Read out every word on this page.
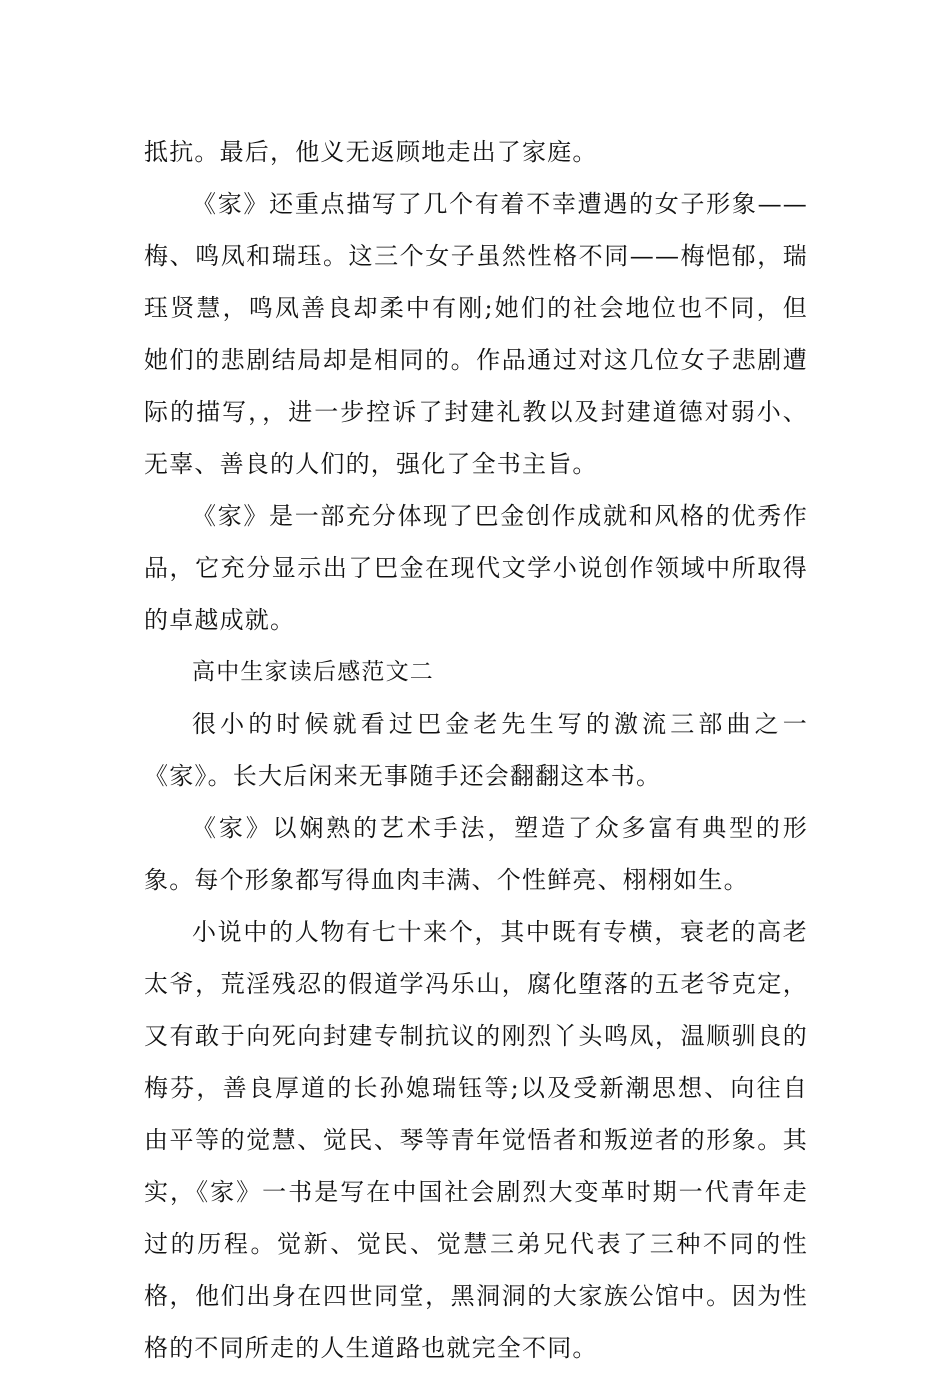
抵抗。最后，他义无返顾地走出了家庭。

《家》还重点描写了几个有着不幸遭遇的女子形象——梅、鸣凤和瑞珏。这三个女子虽然性格不同——梅悒郁，瑞珏贤慧，鸣凤善良却柔中有刚;她们的社会地位也不同，但她们的悲剧结局却是相同的。作品通过对这几位女子悲剧遭际的描写，，进一步控诉了封建礼教以及封建道德对弱小、无辜、善良的人们的，强化了全书主旨。

《家》是一部充分体现了巴金创作成就和风格的优秀作品，它充分显示出了巴金在现代文学小说创作领域中所取得的卓越成就。

高中生家读后感范文二

很小的时候就看过巴金老先生写的激流三部曲之一《家》。长大后闲来无事随手还会翻翻这本书。

《家》以娴熟的艺术手法，塑造了众多富有典型的形象。每个形象都写得血肉丰满、个性鲜亮、栩栩如生。

小说中的人物有七十来个，其中既有专横，衰老的高老太爷，荒淫残忍的假道学冯乐山，腐化堕落的五老爷克定，又有敢于向死向封建专制抗议的刚烈丫头鸣凤，温顺驯良的梅芬，善良厚道的长孙媳瑞钰等;以及受新潮思想、向往自由平等的觉慧、觉民、琴等青年觉悟者和叛逆者的形象。其实，《家》一书是写在中国社会剧烈大变革时期一代青年走过的历程。觉新、觉民、觉慧三弟兄代表了三种不同的性格，他们出身在四世同堂，黑洞洞的大家族公馆中。因为性格的不同所走的人生道路也就完全不同。
